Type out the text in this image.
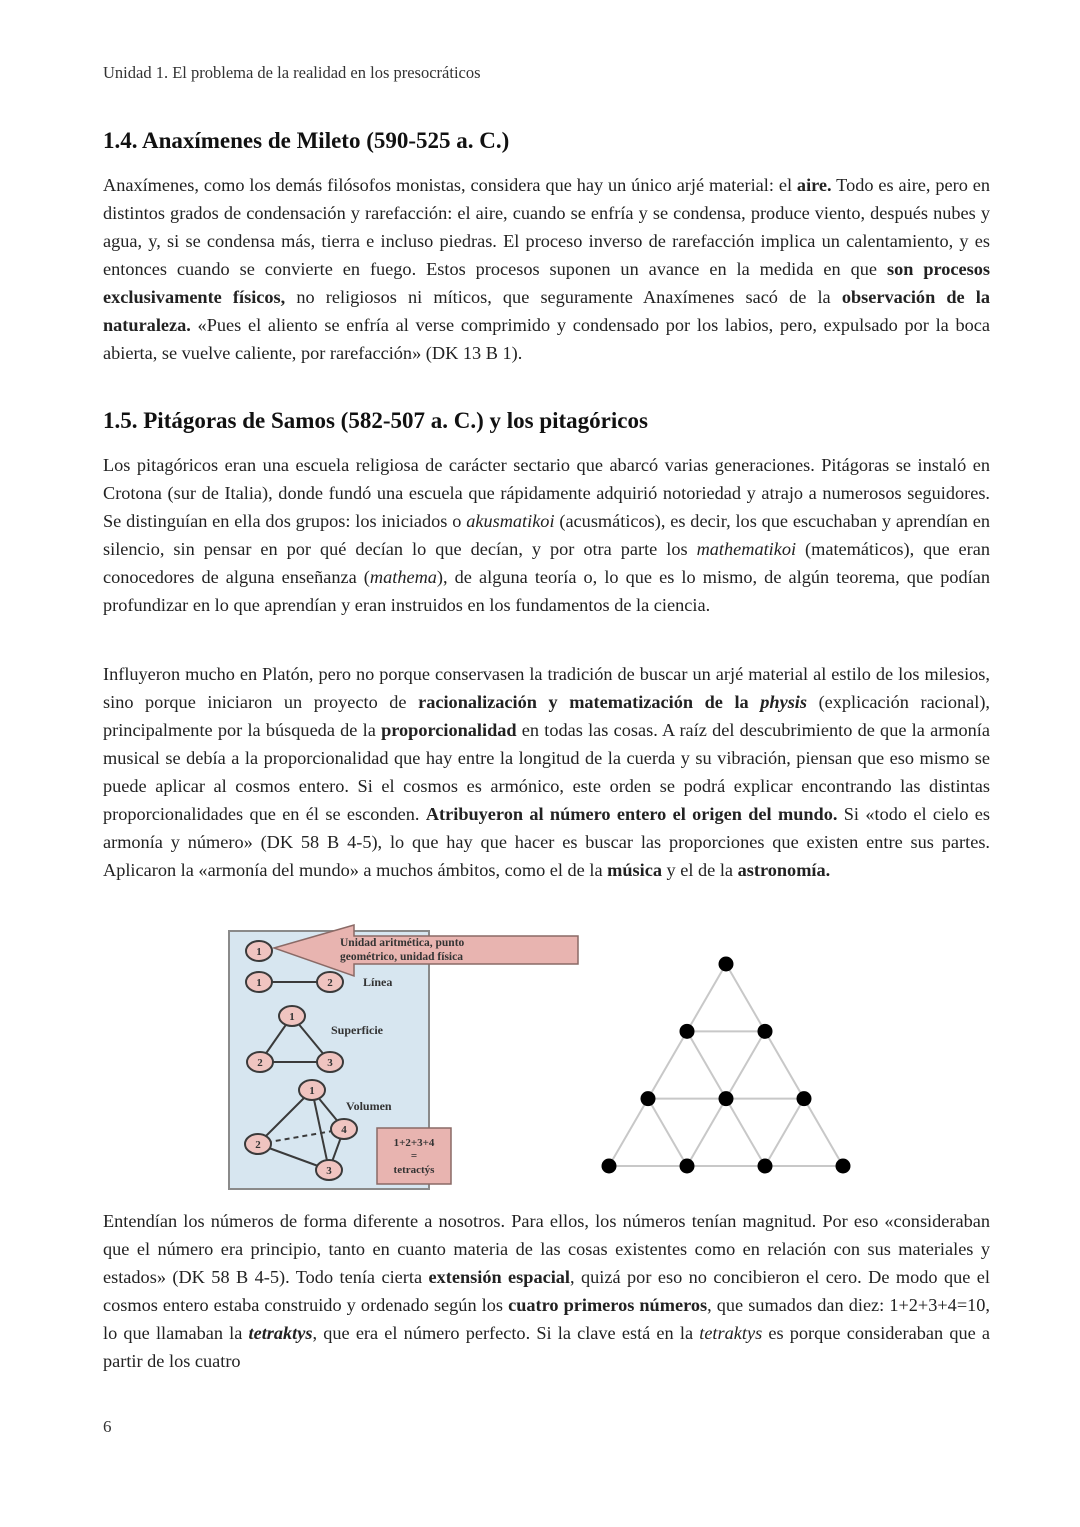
Unidad 1. El problema de la realidad en los presocráticos
1.4. Anaxímenes de Mileto (590-525 a. C.)

Anaxímenes, como los demás filósofos monistas, considera que hay un único arjé material: el aire. Todo es aire, pero en distintos grados de condensación y rarefacción: el aire, cuando se enfría y se condensa, produce viento, después nubes y agua, y, si se condensa más, tierra e incluso piedras. El proceso inverso de rarefacción implica un calentamiento, y es entonces cuando se convierte en fuego. Estos procesos suponen un avance en la medida en que son procesos exclusivamente físicos, no religiosos ni míticos, que seguramente Anaxímenes sacó de la observación de la naturaleza. «Pues el aliento se enfría al verse comprimido y condensado por los labios, pero, expulsado por la boca abierta, se vuelve caliente, por rarefacción» (DK 13 B 1).

1.5. Pitágoras de Samos (582-507 a. C.) y los pitagóricos

Los pitagóricos eran una escuela religiosa de carácter sectario que abarcó varias generaciones. Pitágoras se instaló en Crotona (sur de Italia), donde fundó una escuela que rápidamente adquirió notoriedad y atrajo a numerosos seguidores. Se distinguían en ella dos grupos: los iniciados o akusmatikoi (acusmáticos), es decir, los que escuchaban y aprendían en silencio, sin pensar en por qué decían lo que decían, y por otra parte los mathematikoi (matemáticos), que eran conocedores de alguna enseñanza (mathema), de alguna teoría o, lo que es lo mismo, de algún teorema, que podían profundizar en lo que aprendían y eran instruidos en los fundamentos de la ciencia.

Influyeron mucho en Platón, pero no porque conservasen la tradición de buscar un arjé material al estilo de los milesios, sino porque iniciaron un proyecto de racionalización y matematización de la physis (explicación racional), principalmente por la búsqueda de la proporcionalidad en todas las cosas. A raíz del descubrimiento de que la armonía musical se debía a la proporcionalidad que hay entre la longitud de la cuerda y su vibración, piensan que eso mismo se puede aplicar al cosmos entero. Si el cosmos es armónico, este orden se podrá explicar encontrando las distintas proporcionalidades que en él se esconden. Atribuyeron al número entero el origen del mundo. Si «todo el cielo es armonía y número» (DK 58 B 4-5), lo que hay que hacer es buscar las proporciones que existen entre sus partes. Aplicaron la «armonía del mundo» a muchos ámbitos, como el de la música y el de la astronomía.

Unidad aritmética, punto
geométrico, unidad física
1
1	2	Línea
1
2	3
Superficie
1
2
3
4
Volumen
1+2+3+4
=
tetractýs

Entendían los números de forma diferente a nosotros. Para ellos, los números tenían magnitud. Por eso «consideraban que el número era principio, tanto en cuanto materia de las cosas existentes como en relación con sus materiales y estados» (DK 58 B 4-5). Todo tenía cierta extensión espacial, quizá por eso no concibieron el cero. De modo que el cosmos entero estaba construido y ordenado según los cuatro primeros números, que sumados dan diez: 1+2+3+4=10, lo que llamaban la tetraktys, que era el número perfecto. Si la clave está en la tetraktys es porque consideraban que a partir de los cuatro

6
